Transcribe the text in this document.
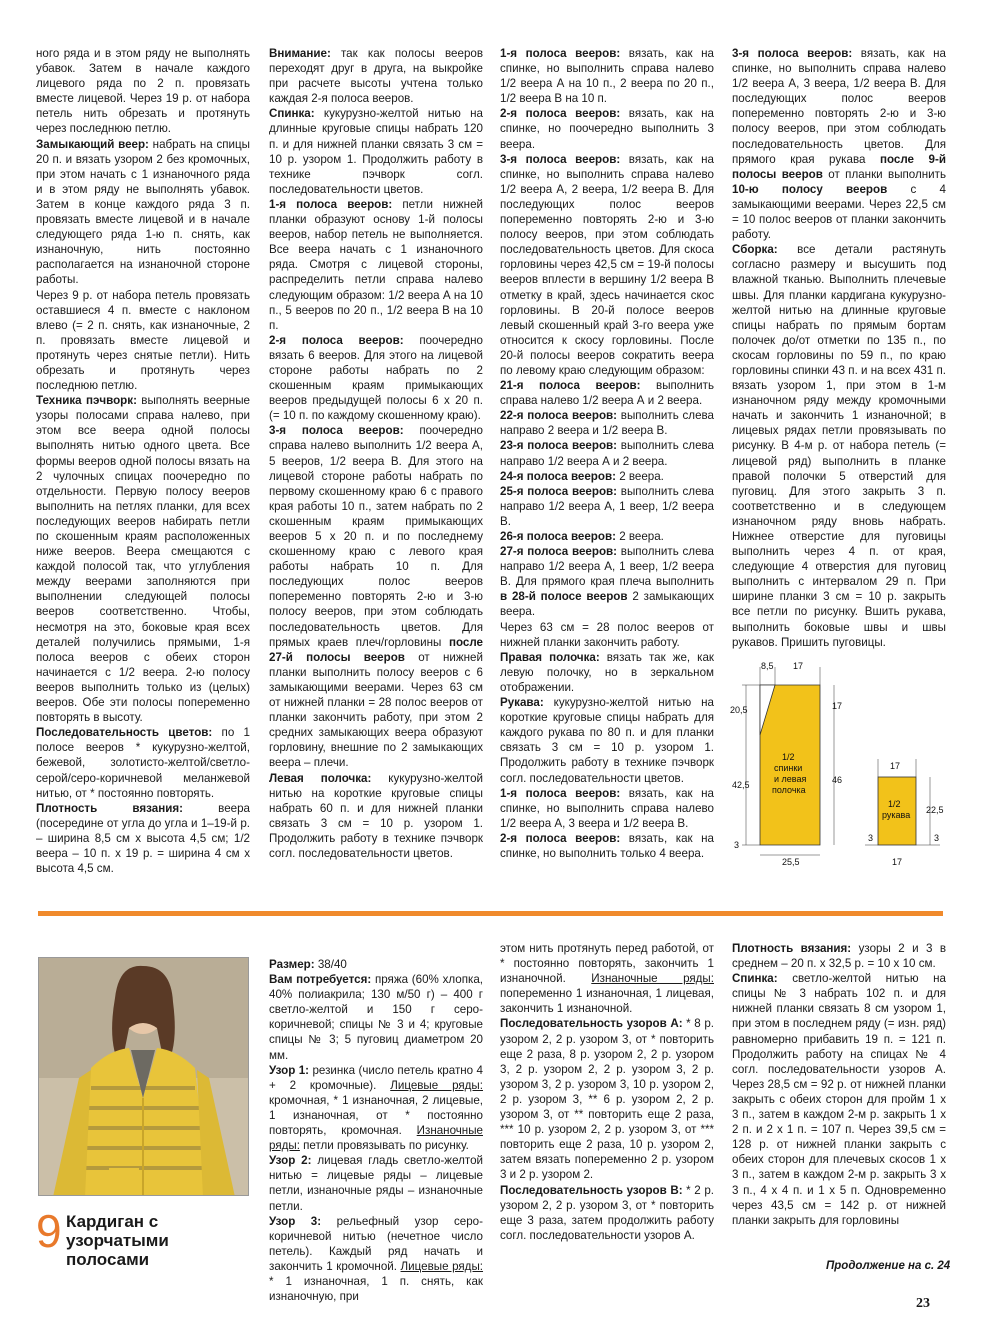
ного ряда и в этом ряду не выполнять убавок. Затем в начале каждого лицевого ряда по 2 п. провязать вместе лицевой. Через 19 р. от набора петель нить обрезать и протянуть через последнюю петлю.

Замыкающий веер: набрать на спицы 20 п. и вязать узором 2 без кромочных, при этом начать с 1 изнаночного ряда и в этом ряду не выполнять убавок. Затем в конце каждого ряда 3 п. провязать вместе лицевой и в начале следующего ряда 1-ю п. снять, как изнаночную, нить постоянно располагается на изнаночной стороне работы.

Через 9 р. от набора петель провязать оставшиеся 4 п. вместе с наклоном влево (= 2 п. снять, как изнаночные, 2 п. провязать вместе лицевой и протянуть через снятые петли). Нить обрезать и протянуть через последнюю петлю.

Техника пэчворк: выполнять веерные узоры полосами справа налево, при этом все веера одной полосы выполнять нитью одного цвета. Все формы вееров одной полосы вязать на 2 чулочных спицах поочередно по отдельности. Первую полосу вееров выполнить на петлях планки, для всех последующих вееров набирать петли по скошенным краям расположенных ниже вееров. Веера смещаются с каждой полосой так, что углубления между веерами заполняются при выполнении следующей полосы вееров соответственно. Чтобы, несмотря на это, боковые края всех деталей получились прямыми, 1-я полоса вееров с обеих сторон начинается с 1/2 веера. 2-ю полосу вееров выполнить только из (целых) вееров. Обе эти полосы попеременно повторять в высоту.

Последовательность цветов: по 1 полосе вееров * кукурузно-желтой, бежевой, золотисто-желтой/светло-серой/серо-коричневой меланжевой нитью, от * постоянно повторять.

Плотность вязания: веера (посередине от угла до угла и 1–19-й р. – ширина 8,5 см х высота 4,5 см; 1/2 веера – 10 п. х 19 р. = ширина 4 см х высота 4,5 см.

Внимание: так как полосы вееров переходят друг в друга, на выкройке при расчете высоты учтена только каждая 2-я полоса вееров.

Спинка: кукурузно-желтой нитью на длинные круговые спицы набрать 120 п. и для нижней планки связать 3 см = 10 р. узором 1. Продолжить работу в технике пэчворк согл. последовательности цветов.

1-я полоса вееров: петли нижней планки образуют основу 1-й полосы вееров, набор петель не выполняется. Все веера начать с 1 изнаночного ряда. Смотря с лицевой стороны, распределить петли справа налево следующим образом: 1/2 веера А на 10 п., 5 вееров по 20 п., 1/2 веера В на 10 п.

2-я полоса вееров: поочередно вязать 6 вееров. Для этого на лицевой стороне работы набрать по 2 скошенным краям примыкающих вееров предыдущей полосы 6 х 20 п. (= 10 п. по каждому скошенному краю).

3-я полоса вееров: поочередно справа налево выполнить 1/2 веера А, 5 вееров, 1/2 веера В. Для этого на лицевой стороне работы набрать по первому скошенному краю 6 с правого края работы 10 п., затем набрать по 2 скошенным краям примыкающих вееров 5 х 20 п. и по последнему скошенному краю с левого края работы набрать 10 п. Для последующих полос вееров попеременно повторять 2-ю и 3-ю полосу вееров, при этом соблюдать последовательность цветов. Для прямых краев плеч/горловины после 27-й полосы вееров от нижней планки выполнить полосу вееров с 6 замыкающими веерами. Через 63 см от нижней планки = 28 полос вееров от планки закончить работу, при этом 2 средних замыкающих веера образуют горловину, внешние по 2 замыкающих веера – плечи.

Левая полочка: кукурузно-желтой нитью на короткие круговые спицы набрать 60 п. и для нижней планки связать 3 см = 10 р. узором 1. Продолжить работу в технике пэчворк согл. последовательности цветов.

1-я полоса вееров: вязать, как на спинке, но выполнить справа налево 1/2 веера А на 10 п., 2 веера по 20 п., 1/2 веера В на 10 п.

2-я полоса вееров: вязать, как на спинке, но поочередно выполнить 3 веера.

3-я полоса вееров: вязать, как на спинке, но выполнить справа налево 1/2 веера А, 2 веера, 1/2 веера В. Для последующих полос вееров попеременно повторять 2-ю и 3-ю полосу вееров, при этом соблюдать последовательность цветов. Для скоса горловины через 42,5 см = 19-й полосы вееров вплести в вершину 1/2 веера В отметку в край, здесь начинается скос горловины. В 20-й полосе вееров левый скошенный край 3-го веера уже относится к скосу горловины. После 20-й полосы вееров сократить веера по левому краю следующим образом:

21-я полоса вееров: выполнить справа налево 1/2 веера А и 2 веера.

22-я полоса вееров: выполнить слева направо 2 веера и 1/2 веера В.

23-я полоса вееров: выполнить слева направо 1/2 веера А и 2 веера.

24-я полоса вееров: 2 веера.

25-я полоса вееров: выполнить слева направо 1/2 веера А, 1 веер, 1/2 веера В.

26-я полоса вееров: 2 веера.

27-я полоса вееров: выполнить слева направо 1/2 веера А, 1 веер, 1/2 веера В. Для прямого края плеча выполнить в 28-й полосе вееров 2 замыкающих веера.

Через 63 см = 28 полос вееров от нижней планки закончить работу.

Правая полочка: вязать так же, как левую полочку, но в зеркальном отображении.

Рукава: кукурузно-желтой нитью на короткие круговые спицы набрать для каждого рукава по 80 п. и для планки связать 3 см = 10 р. узором 1. Продолжить работу в технике пэчворк согл. последовательности цветов.

1-я полоса вееров: вязать, как на спинке, но выполнить справа налево 1/2 веера А, 3 веера и 1/2 веера В.

2-я полоса вееров: вязать, как на спинке, но выполнить только 4 веера.

3-я полоса вееров: вязать, как на спинке, но выполнить справа налево 1/2 веера А, 3 веера, 1/2 веера В. Для последующих полос вееров попеременно повторять 2-ю и 3-ю полосу вееров, при этом соблюдать последовательность цветов. Для прямого края рукава после 9-й полосы вееров от планки выполнить 10-ю полосу вееров с 4 замыкающими веерами. Через 22,5 см = 10 полос вееров от планки закончить работу.

Сборка: все детали растянуть согласно размеру и высушить под влажной тканью. Выполнить плечевые швы. Для планки кардигана кукурузно-желтой нитью на длинные круговые спицы набрать по прямым бортам полочек до/от отметки по 135 п., по скосам горловины по 59 п., по краю горловины спинки 43 п. и на всех 431 п. вязать узором 1, при этом в 1-м изнаночном ряду между кромочными начать и закончить 1 изнаночной; в лицевых рядах петли провязывать по рисунку. В 4-м р. от набора петель (= лицевой ряд) выполнить в планке правой полочки 5 отверстий для пуговиц. Для этого закрыть 3 п. соответственно и в следующем изнаночном ряду вновь набрать. Нижнее отверстие для пуговицы выполнить через 4 п. от края, следующие 4 отверстия для пуговиц выполнить с интервалом 29 п. При ширине планки 3 см = 10 р. закрыть все петли по рисунку. Вшить рукава, выполнить боковые швы и швы рукавов. Пришить пуговицы.

8,5 17
20,5	17
42,5	46
3
25,5
1/2
спинки
и левая
полочка
17
22,5
3
17
3
1/2
рукава
9 Кардиган с узорчатыми полосами

Размер: 38/40

Вам потребуется: пряжа (60% хлопка, 40% полиакрила; 130 м/50 г) – 400 г светло-желтой и 150 г серо-коричневой; спицы № 3 и 4; круговые спицы № 3; 5 пуговиц диаметром 20 мм.

Узор 1: резинка (число петель кратно 4 + 2 кромочные). Лицевые ряды: кромочная, * 1 изнаночная, 2 лицевые, 1 изнаночная, от * постоянно повторять, кромочная. Изнаночные ряды: петли провязывать по рисунку.

Узор 2: лицевая гладь светло-желтой нитью = лицевые ряды – лицевые петли, изнаночные ряды – изнаночные петли.

Узор 3: рельефный узор серо-коричневой нитью (нечетное число петель). Каждый ряд начать и закончить 1 кромочной. Лицевые ряды: * 1 изнаночная, 1 п. снять, как изнаночную, при

этом нить протянуть перед работой, от * постоянно повторять, закончить 1 изнаночной. Изнаночные ряды: попеременно 1 изнаночная, 1 лицевая, закончить 1 изнаночной.

Последовательность узоров А: * 8 р. узором 2, 2 р. узором 3, от * повторить еще 2 раза, 8 р. узором 2, 2 р. узором 3, 2 р. узором 2, 2 р. узором 3, 2 р. узором 3, 2 р. узором 3, 10 р. узором 2, 2 р. узором 3, ** 6 р. узором 2, 2 р. узором 3, от ** повторить еще 2 раза, *** 10 р. узором 2, 2 р. узором 3, от *** повторить еще 2 раза, 10 р. узором 2, затем вязать попеременно 2 р. узором 3 и 2 р. узором 2.

Последовательность узоров В: * 2 р. узором 2, 2 р. узором 3, от * повторить еще 3 раза, затем продолжить работу согл. последовательности узоров А.

Плотность вязания: узоры 2 и 3 в среднем – 20 п. х 32,5 р. = 10 х 10 см.

Спинка: светло-желтой нитью на спицы № 3 набрать 102 п. и для нижней планки связать 8 см узором 1, при этом в последнем ряду (= изн. ряд) равномерно прибавить 19 п. = 121 п. Продолжить работу на спицах № 4 согл. последовательности узоров А. Через 28,5 см = 92 р. от нижней планки закрыть с обеих сторон для пройм 1 х 3 п., затем в каждом 2-м р. закрыть 1 х 2 п. и 2 х 1 п. = 107 п. Через 39,5 см = 128 р. от нижней планки закрыть с обеих сторон для плечевых скосов 1 х 3 п., затем в каждом 2-м р. закрыть 3 х 3 п., 4 х 4 п. и 1 х 5 п. Одновременно через 43,5 см = 142 р. от нижней планки закрыть для горловины

Продолжение на с. 24
23
